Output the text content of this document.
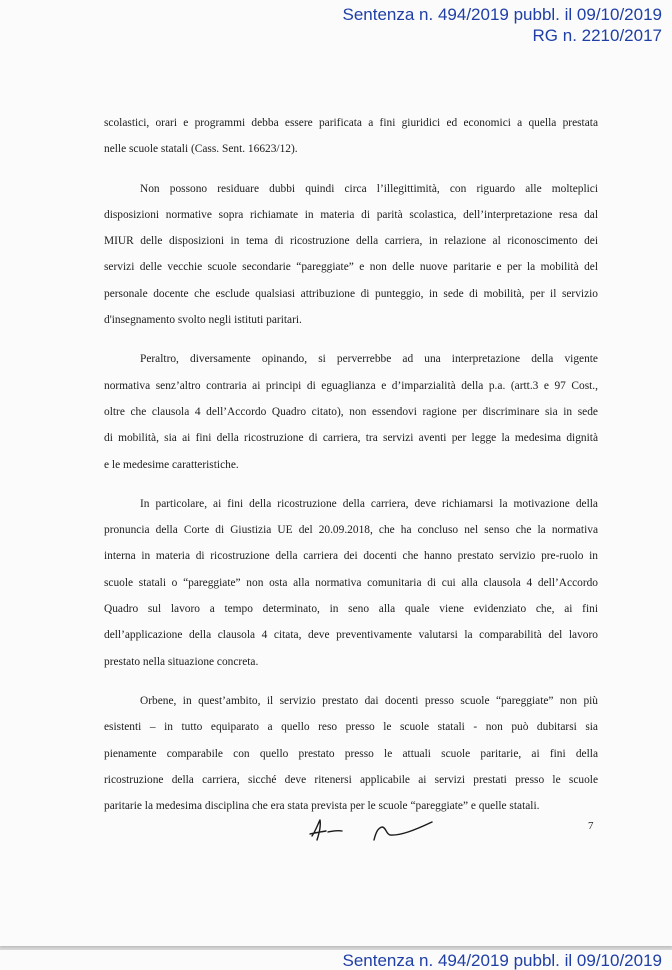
Sentenza n. 494/2019 pubbl. il 09/10/2019
RG n. 2210/2017
scolastici, orari e programmi debba essere parificata a fini giuridici ed economici a quella prestata
nelle scuole statali (Cass. Sent. 16623/12).
Non possono residuare dubbi quindi circa l’illegittimità, con riguardo alle molteplici
disposizioni normative sopra richiamate in materia di parità scolastica, dell’interpretazione resa dal
MIUR delle disposizioni in tema di ricostruzione della carriera, in relazione al riconoscimento dei
servizi delle vecchie scuole secondarie “pareggiate” e non delle nuove paritarie e per la mobilità del
personale docente che esclude qualsiasi attribuzione di punteggio, in sede di mobilità, per il servizio
d'insegnamento svolto negli istituti paritari.
Peraltro, diversamente opinando, si perverrebbe ad una interpretazione della vigente
normativa senz’altro contraria ai principi di eguaglianza e d’imparzialità della p.a. (artt.3 e 97 Cost.,
oltre che clausola 4 dell’Accordo Quadro citato), non essendovi ragione per discriminare sia in sede
di mobilità, sia ai fini della ricostruzione di carriera, tra servizi aventi per legge la medesima dignità
e le medesime caratteristiche.
In particolare, ai fini della ricostruzione della carriera, deve richiamarsi la motivazione della
pronuncia della Corte di Giustizia UE del 20.09.2018, che ha concluso nel senso che la normativa
interna in materia di ricostruzione della carriera dei docenti che hanno prestato servizio pre-ruolo in
scuole statali o “pareggiate” non osta alla normativa comunitaria di cui alla clausola 4 dell’Accordo
Quadro sul lavoro a tempo determinato, in seno alla quale viene evidenziato che, ai fini
dell’applicazione della clausola 4 citata, deve preventivamente valutarsi la comparabilità del lavoro
prestato nella situazione concreta.
Orbene, in quest’ambito, il servizio prestato dai docenti presso scuole “pareggiate” non più
esistenti – in tutto equiparato a quello reso presso le scuole statali - non può dubitarsi sia
pienamente comparabile con quello prestato presso le attuali scuole paritarie, ai fini della
ricostruzione della carriera, sicché deve ritenersi applicabile ai servizi prestati presso le scuole
paritarie la medesima disciplina che era stata prevista per le scuole “pareggiate” e quelle statali.
7
Sentenza n. 494/2019 pubbl. il 09/10/2019
